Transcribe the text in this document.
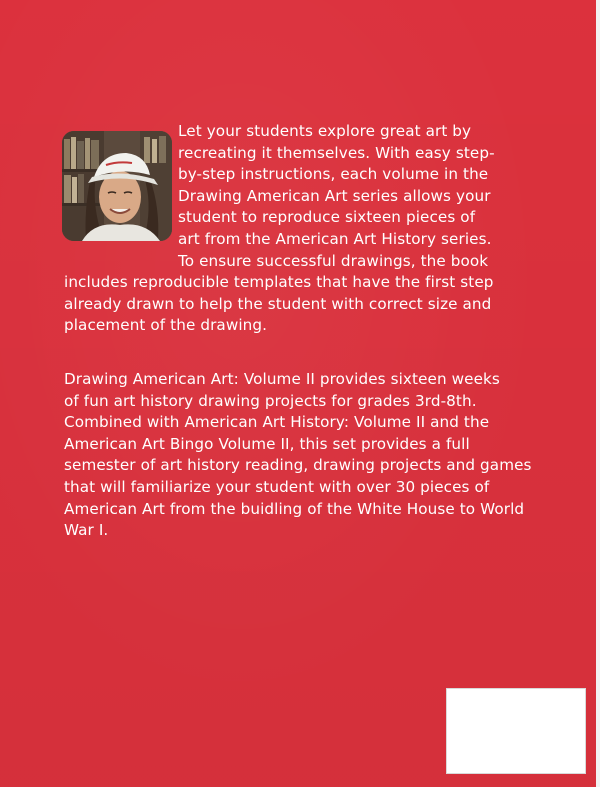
Let your students explore great art by
recreating it themselves. With easy step-
by-step instructions, each volume in the
Drawing American Art series allows your
student to reproduce sixteen pieces of
art from the American Art History series.
To ensure successful drawings, the book
includes reproducible templates that have the first step
already drawn to help the student with correct size and
placement of the drawing.
Drawing American Art: Volume II provides sixteen weeks
of fun art history drawing projects for grades 3rd-8th.
Combined with American Art History: Volume II and the
American Art Bingo Volume II, this set provides a full
semester of art history reading, drawing projects and games
that will familiarize your student with over 30 pieces of
American Art from the buidling of the White House to World
War I.
